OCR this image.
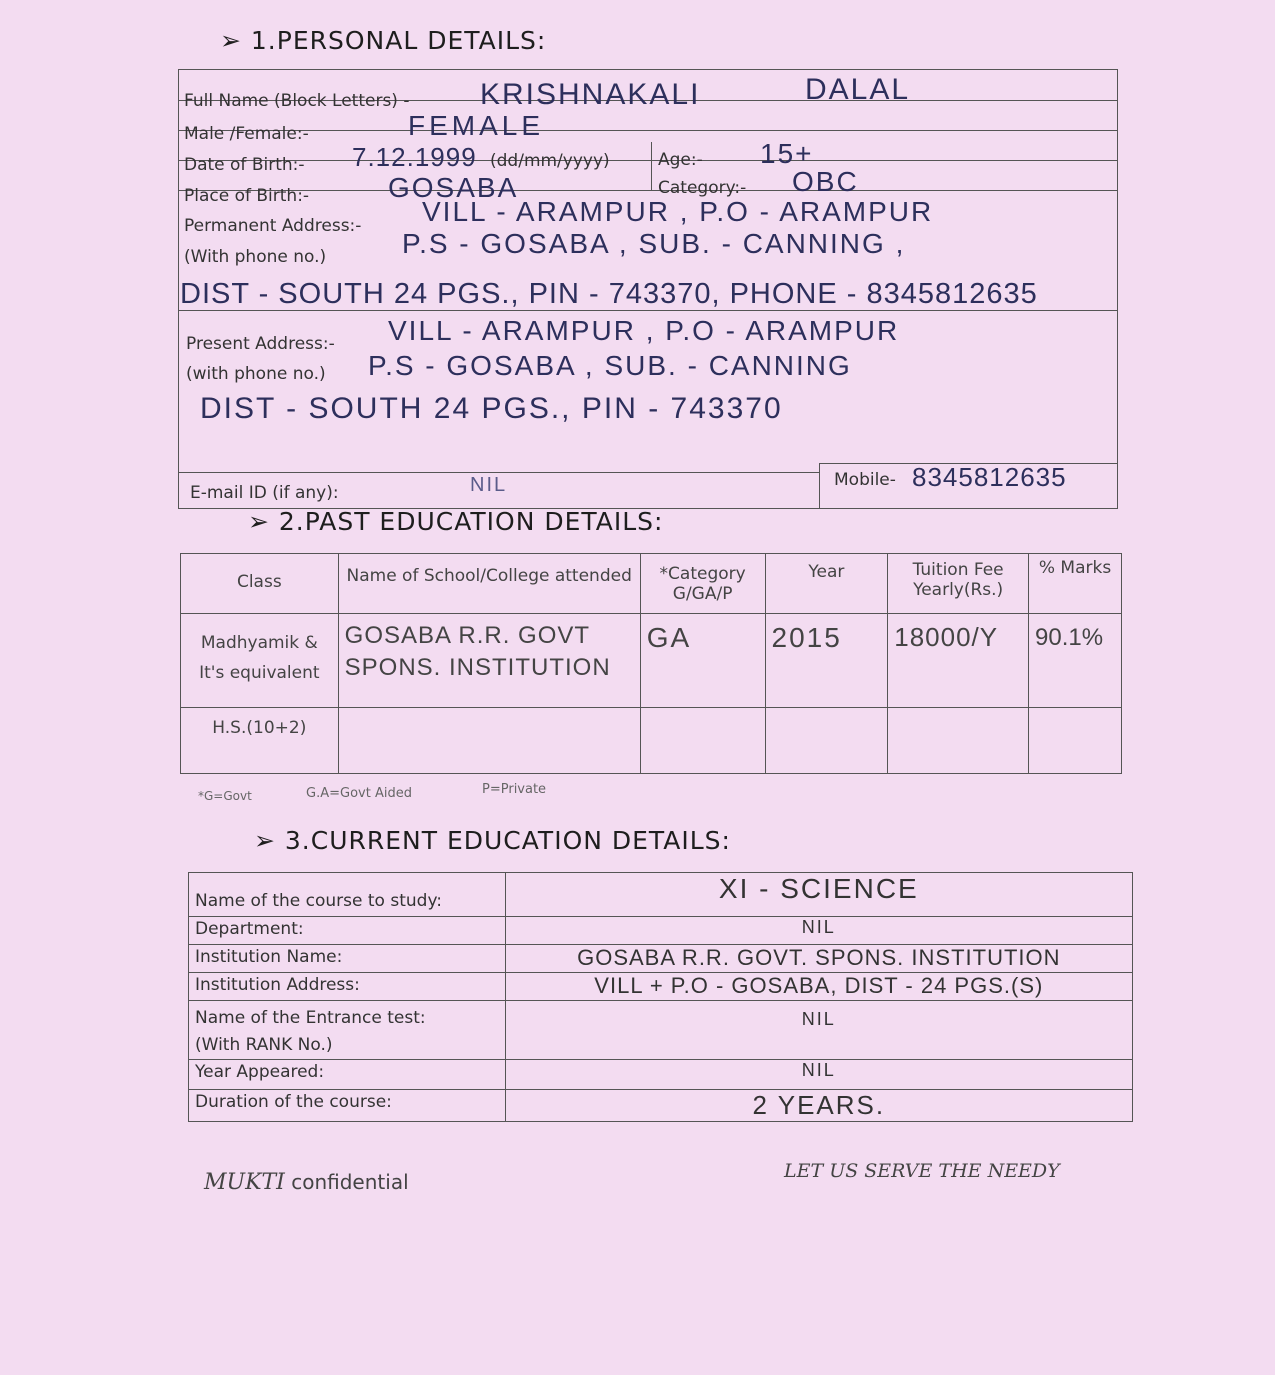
➢ 1.PERSONAL DETAILS:
Full Name (Block Letters) - KRISHNAKALI	DALAL
Male /Female:-	FEMALE
Date of Birth:- 7.12.1999 (dd/mm/yyyy)	Age:- 15+
Place of Birth:-	GOSABA	Category:- OBC
Permanent Address:- VILL - ARAMPUR , P.O - ARAMPUR
(With phone no.)	P.S - GOSABA , SUB. - CANNING ,
DIST - SOUTH 24 PGS., PIN - 743370, PHONE - 8345812635
Present Address:- VILL - ARAMPUR , P.O - ARAMPUR
(with phone no.) P.S - GOSABA , SUB. - CANNING
DIST - SOUTH 24 PGS., PIN - 743370
E-mail ID (if any):	NIL	Mobile- 8345812635
➢ 2.PAST EDUCATION DETAILS:
Class	Name of School/College attended	*Category G/GA/P	Year	Tuition Fee Yearly(Rs.)	% Marks
Madhyamik & It's equivalent	GOSABA R.R. GOVT SPONS. INSTITUTION	GA	2015	18000/Y	90.1%
H.S.(10+2)					
*G=Govt	G.A=Govt Aided	P=Private
➢ 3.CURRENT EDUCATION DETAILS:
Name of the course to study:	XI - SCIENCE
Department:	NIL
Institution Name:	GOSABA R.R. GOVT. SPONS. INSTITUTION
Institution Address:	VILL + P.O - GOSABA, DIST - 24 PGS.(S)

Name of the Entrance test:
(With RANK No.)	NIL
Year Appeared:	NIL
Duration of the course:	2 YEARS.
MUKTI confidential	LET US SERVE THE NEEDY
